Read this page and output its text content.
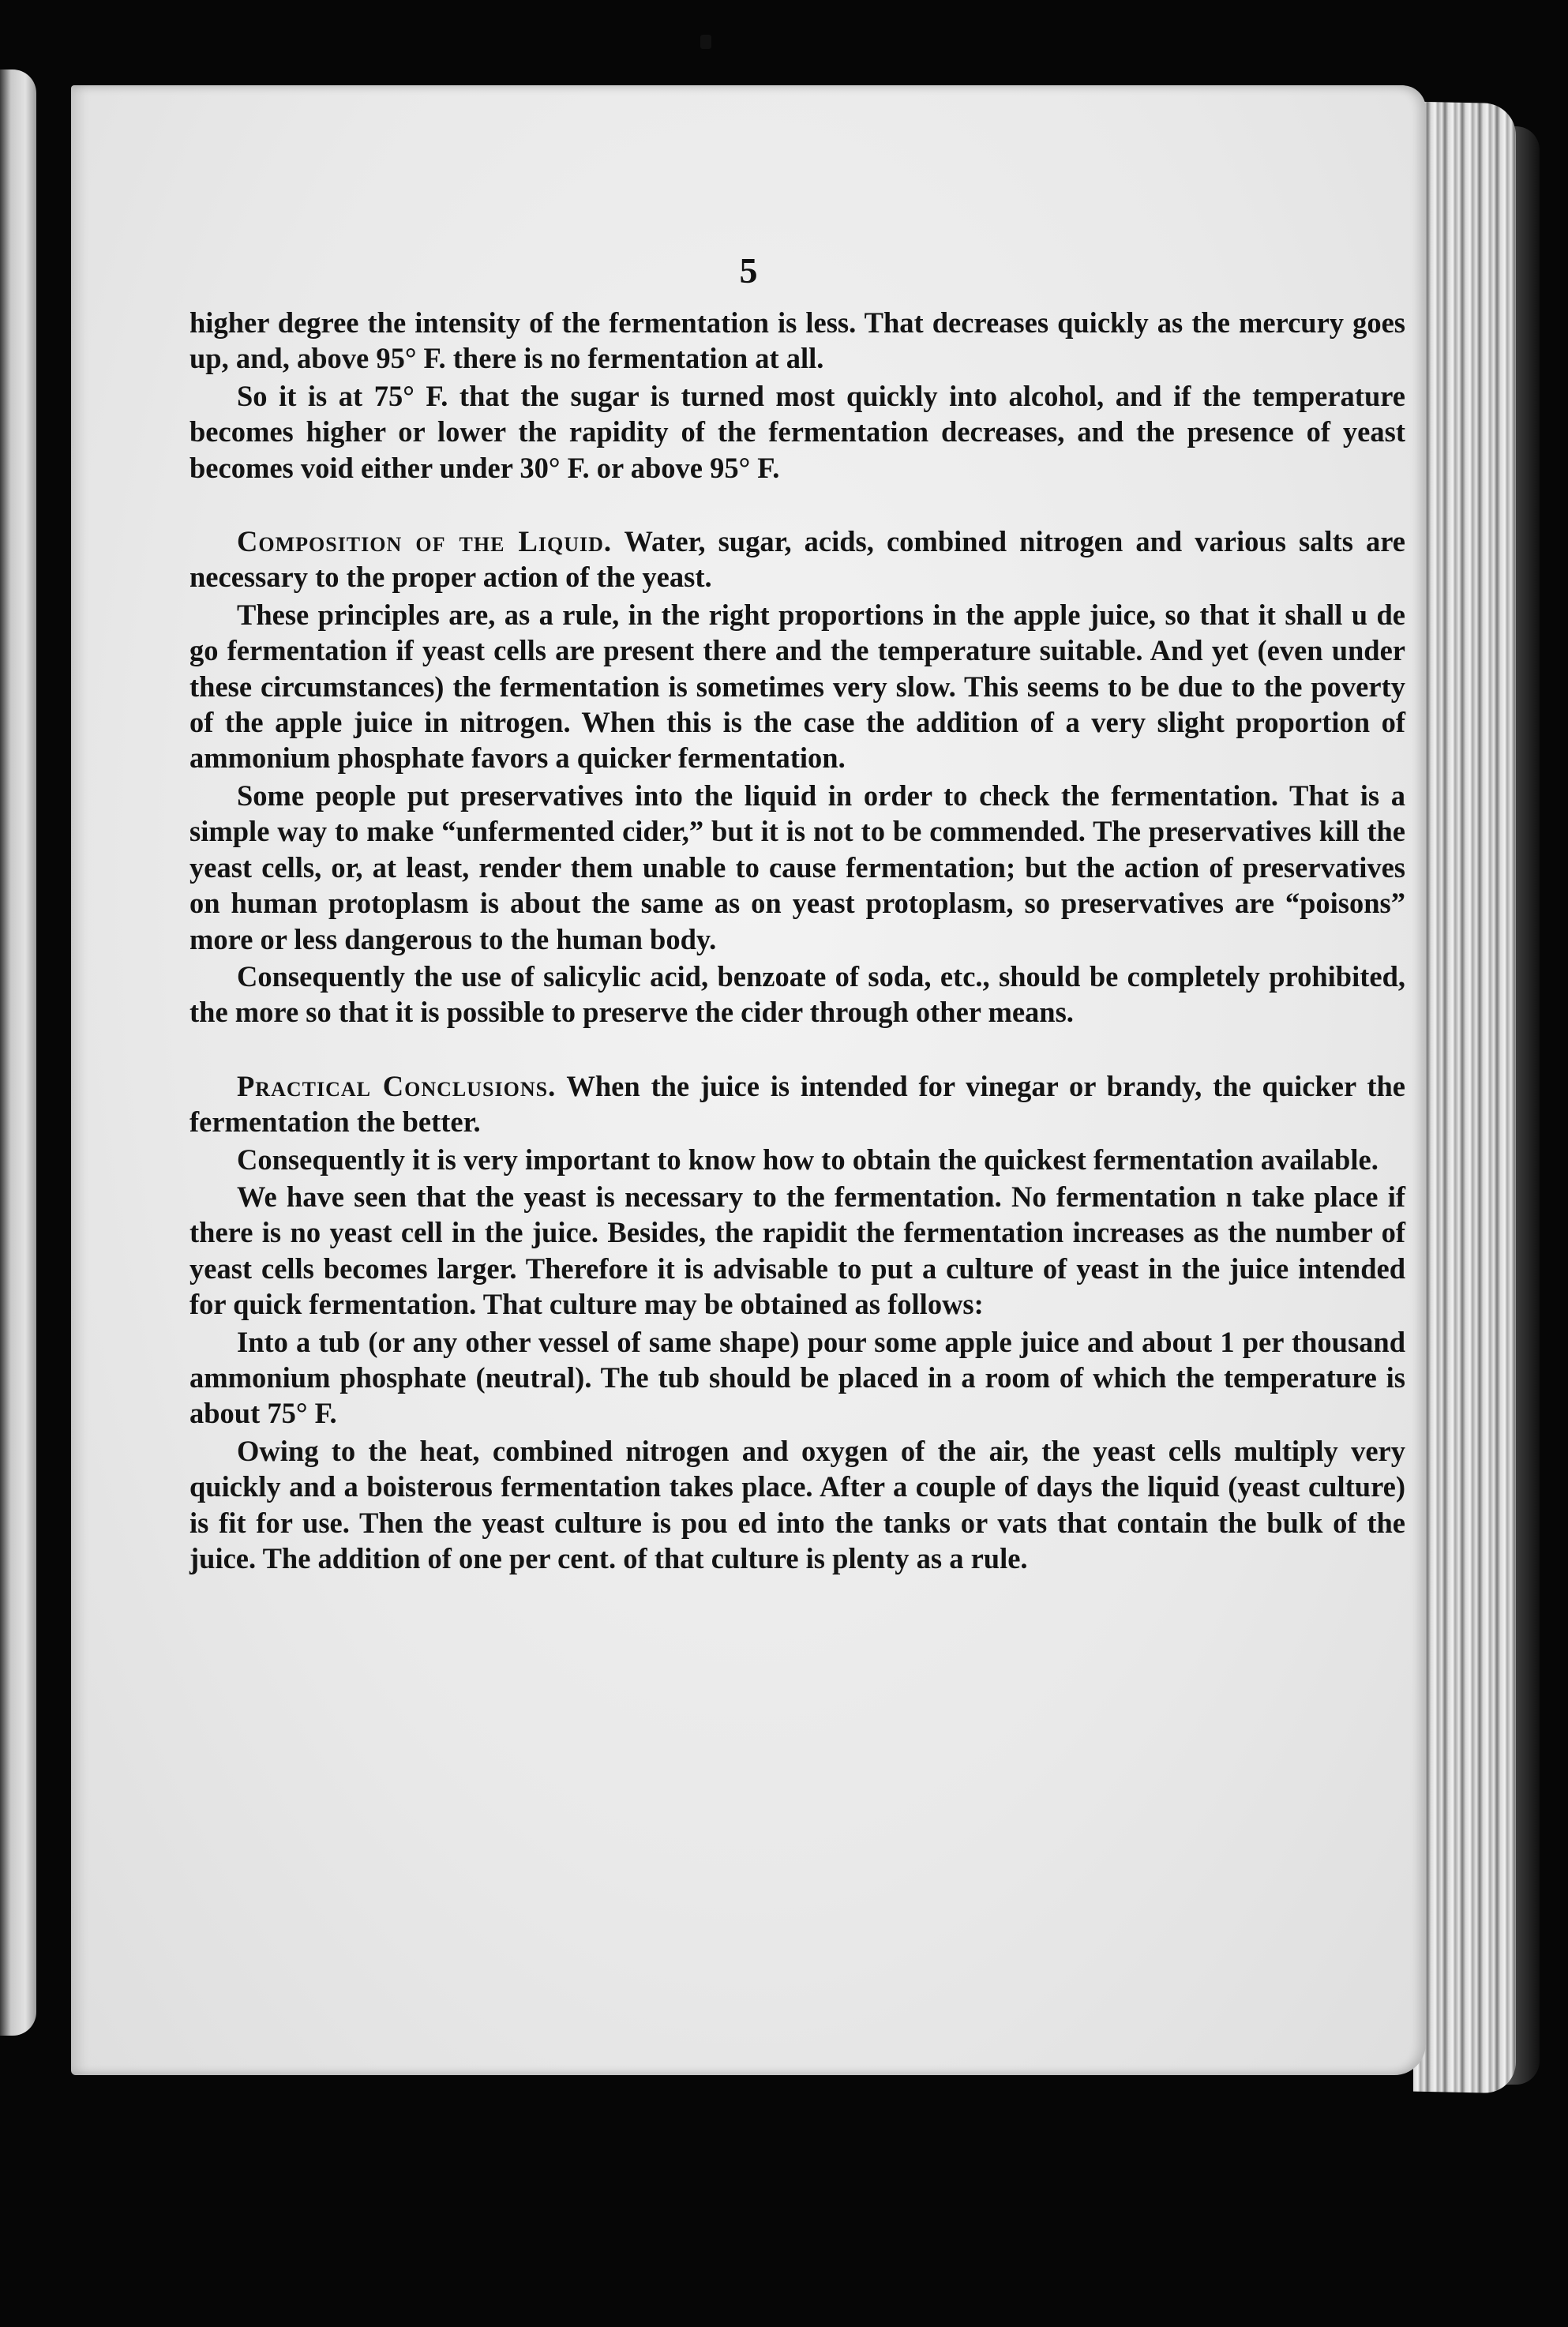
5

higher degree the intensity of the fermentation is less. That decreases quickly as the mercury goes up, and, above 95° F. there is no fermentation at all.

So it is at 75° F. that the sugar is turned most quickly into alcohol, and if the temperature becomes higher or lower the rapidity of the fermentation decreases, and the presence of yeast becomes void either under 30° F. or above 95° F.

Composition of the Liquid. Water, sugar, acids, combined nitrogen and various salts are necessary to the proper action of the yeast.

These principles are, as a rule, in the right proportions in the apple juice, so that it shall u de go fermentation if yeast cells are present there and the temperature suitable. And yet (even under these circumstances) the fermentation is sometimes very slow. This seems to be due to the poverty of the apple juice in nitrogen. When this is the case the addition of a very slight proportion of ammonium phosphate favors a quicker fermentation.

Some people put preservatives into the liquid in order to check the fermentation. That is a simple way to make “unfermented cider,” but it is not to be commended. The preservatives kill the yeast cells, or, at least, render them unable to cause fermentation; but the action of preservatives on human protoplasm is about the same as on yeast protoplasm, so preservatives are “poisons” more or less dangerous to the human body.

Consequently the use of salicylic acid, benzoate of soda, etc., should be completely prohibited, the more so that it is possible to preserve the cider through other means.

Practical Conclusions. When the juice is intended for vinegar or brandy, the quicker the fermentation the better.

Consequently it is very important to know how to obtain the quickest fermentation available.

We have seen that the yeast is necessary to the fermentation. No fermentation n take place if there is no yeast cell in the juice. Besides, the rapidit the fermentation increases as the number of yeast cells becomes larger. Therefore it is advisable to put a culture of yeast in the juice intended for quick fermentation. That culture may be obtained as follows:

Into a tub (or any other vessel of same shape) pour some apple juice and about 1 per thousand ammonium phosphate (neutral). The tub should be placed in a room of which the temperature is about 75° F.

Owing to the heat, combined nitrogen and oxygen of the air, the yeast cells multiply very quickly and a boisterous fermentation takes place. After a couple of days the liquid (yeast culture) is fit for use. Then the yeast culture is pou ed into the tanks or vats that contain the bulk of the juice. The addition of one per cent. of that culture is plenty as a rule.
